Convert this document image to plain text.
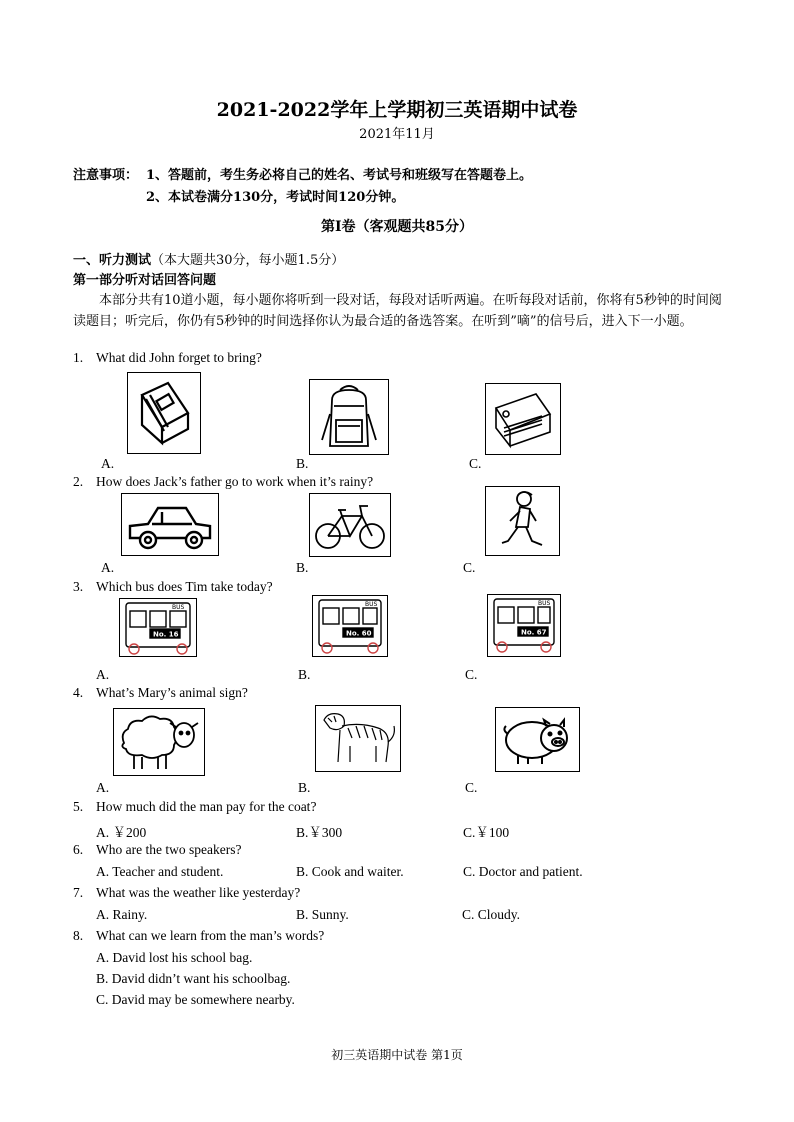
2021-2022学年上学期初三英语期中试卷
2021年11月
注意事项： 1、答题前，考生务必将自己的姓名、考试号和班级写在答题卷上。
2、本试卷满分130分，考试时间120分钟。
第I卷（客观题共85分）
一、听力测试（本大题共30分，每小题1.5分）
第一部分听对话回答问题
本部分共有10道小题，每小题你将听到一段对话，每段对话听两遍。在听每段对话前，你将有5秒钟的时间阅读题目；听完后，你仍有5秒钟的时间选择你认为最合适的备选答案。在听到”嘀”的信号后，进入下一小题。
1. What did John forget to bring?
A.	B.	C.
2. How does Jack’s father go to work when it’s rainy?
A.	B.	C.
3. Which bus does Tim take today?
BUS
No. 16
BUS
No. 60
BUS
No. 67
A.	B.	C.
4. What’s Mary’s animal sign?
A.	B.	C.
5. How much did the man pay for the coat?
A. ￥200	B.￥300	C.￥100
6. Who are the two speakers?
A. Teacher and student.	B. Cook and waiter.	C. Doctor and patient.
7. What was the weather like yesterday?
A. Rainy.	B. Sunny.	C. Cloudy.
8. What can we learn from the man’s words?
A. David lost his school bag.
B. David didn’t want his schoolbag.
C. David may be somewhere nearby.
初三英语期中试卷 第1页
